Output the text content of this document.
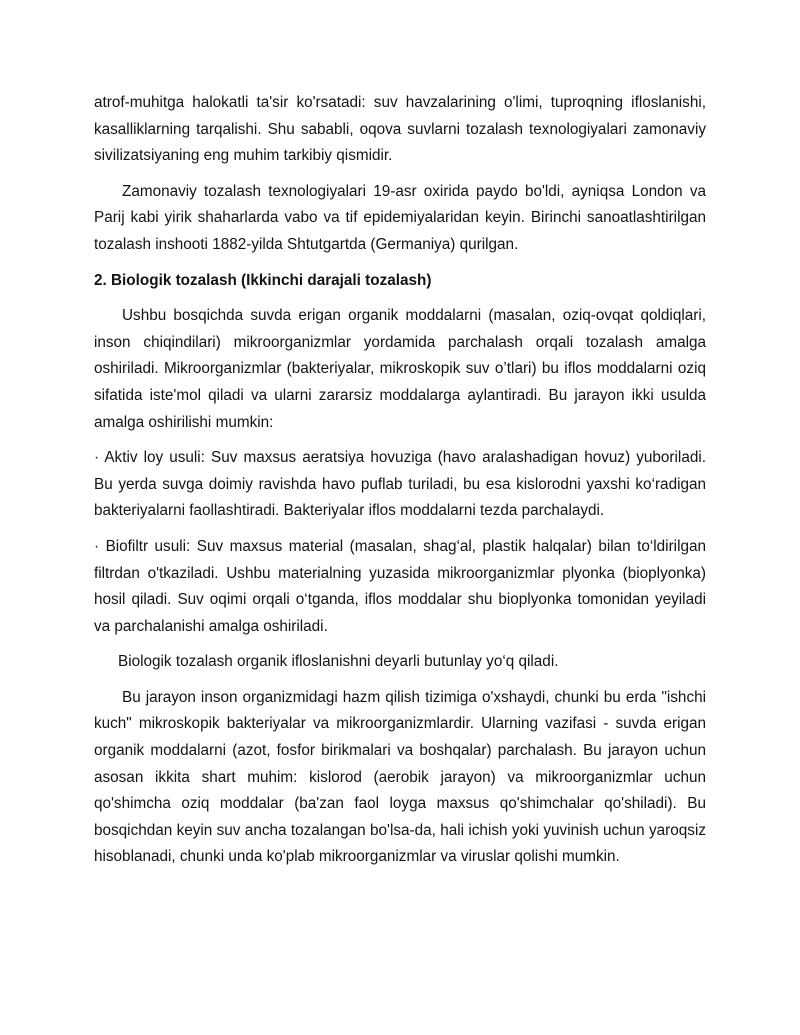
atrof-muhitga halokatli ta'sir ko'rsatadi: suv havzalarining o'limi, tuproqning ifloslanishi, kasalliklarning tarqalishi. Shu sababli, oqova suvlarni tozalash texnologiyalari zamonaviy sivilizatsiyaning eng muhim tarkibiy qismidir.

Zamonaviy tozalash texnologiyalari 19-asr oxirida paydo bo'ldi, ayniqsa London va Parij kabi yirik shaharlarda vabo va tif epidemiyalaridan keyin. Birinchi sanoatlashtirilgan tozalash inshooti 1882-yilda Shtutgartda (Germaniya) qurilgan.

2. Biologik tozalash (Ikkinchi darajali tozalash)

Ushbu bosqichda suvda erigan organik moddalarni (masalan, oziq-ovqat qoldiqlari, inson chiqindilari) mikroorganizmlar yordamida parchalash orqali tozalash amalga oshiriladi. Mikroorganizmlar (bakteriyalar, mikroskopik suv o’tlari) bu iflos moddalarni oziq sifatida iste'mol qiladi va ularni zararsiz moddalarga aylantiradi. Bu jarayon ikki usulda amalga oshirilishi mumkin:

· Aktiv loy usuli: Suv maxsus aeratsiya hovuziga (havo aralashadigan hovuz) yuboriladi. Bu yerda suvga doimiy ravishda havo puflab turiladi, bu esa kislorodni yaxshi ko‘radigan bakteriyalarni faollashtiradi. Bakteriyalar iflos moddalarni tezda parchalaydi.

· Biofiltr usuli: Suv maxsus material (masalan, shag‘al, plastik halqalar) bilan to‘ldirilgan filtrdan o'tkaziladi. Ushbu materialning yuzasida mikroorganizmlar plyonka (bioplyonka) hosil qiladi. Suv oqimi orqali o‘tganda, iflos moddalar shu bioplyonka tomonidan yeyiladi va parchalanishi amalga oshiriladi.

Biologik tozalash organik ifloslanishni deyarli butunlay yo‘q qiladi.

Bu jarayon inson organizmidagi hazm qilish tizimiga o'xshaydi, chunki bu erda "ishchi kuch" mikroskopik bakteriyalar va mikroorganizmlardir. Ularning vazifasi - suvda erigan organik moddalarni (azot, fosfor birikmalari va boshqalar) parchalash. Bu jarayon uchun asosan ikkita shart muhim: kislorod (aerobik jarayon) va mikroorganizmlar uchun qo'shimcha oziq moddalar (ba'zan faol loyga maxsus qo'shimchalar qo'shiladi). Bu bosqichdan keyin suv ancha tozalangan bo'lsa-da, hali ichish yoki yuvinish uchun yaroqsiz hisoblanadi, chunki unda ko'plab mikroorganizmlar va viruslar qolishi mumkin.
